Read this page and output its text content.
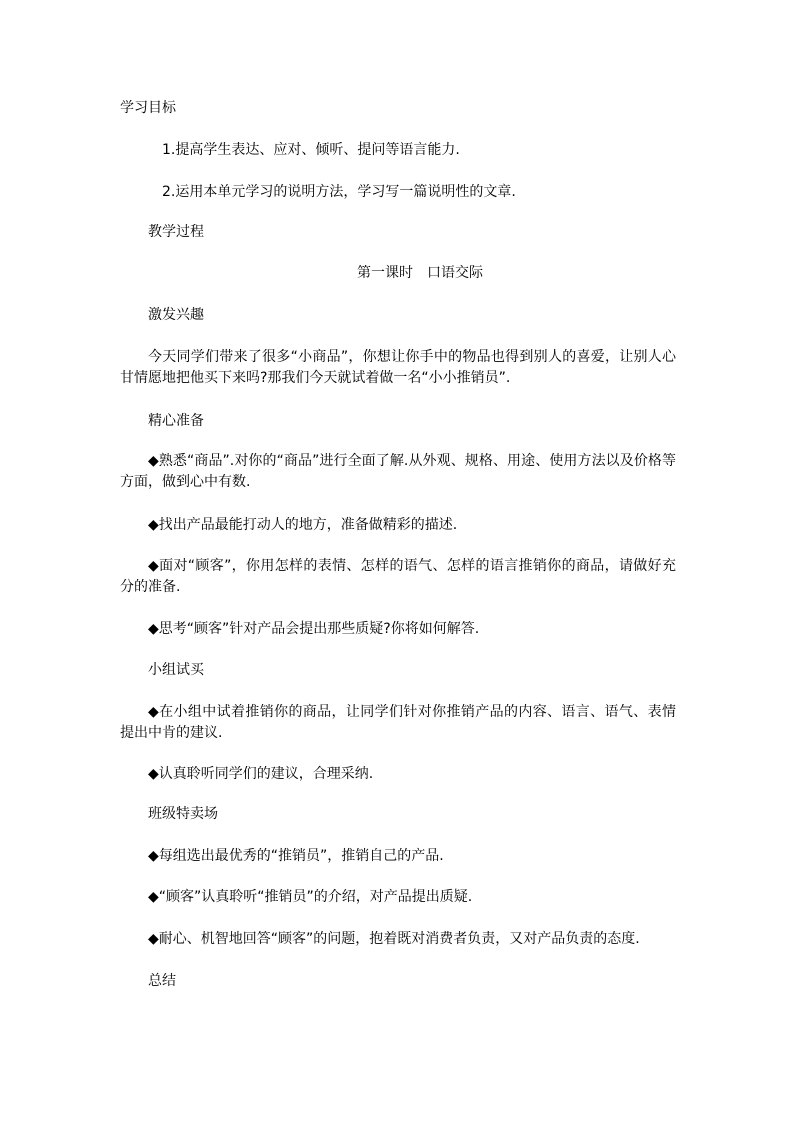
学习目标
1.提高学生表达、应对、倾听、提问等语言能力.
2.运用本单元学习的说明方法，学习写一篇说明性的文章.
教学过程
第一课时　口语交际
激发兴趣
今天同学们带来了很多“小商品”，你想让你手中的物品也得到别人的喜爱，让别人心甘情愿地把他买下来吗?那我们今天就试着做一名“小小推销员”.
精心准备
◆熟悉“商品”.对你的“商品”进行全面了解.从外观、规格、用途、使用方法以及价格等方面，做到心中有数.
◆找出产品最能打动人的地方，准备做精彩的描述.
◆面对“顾客”，你用怎样的表情、怎样的语气、怎样的语言推销你的商品，请做好充分的准备.
◆思考“顾客”针对产品会提出那些质疑?你将如何解答.
小组试买
◆在小组中试着推销你的商品，让同学们针对你推销产品的内容、语言、语气、表情提出中肯的建议.
◆认真聆听同学们的建议，合理采纳.
班级特卖场
◆每组选出最优秀的“推销员”，推销自己的产品.
◆“顾客”认真聆听“推销员”的介绍，对产品提出质疑.
◆耐心、机智地回答“顾客”的问题，抱着既对消费者负责，又对产品负责的态度.
总结
